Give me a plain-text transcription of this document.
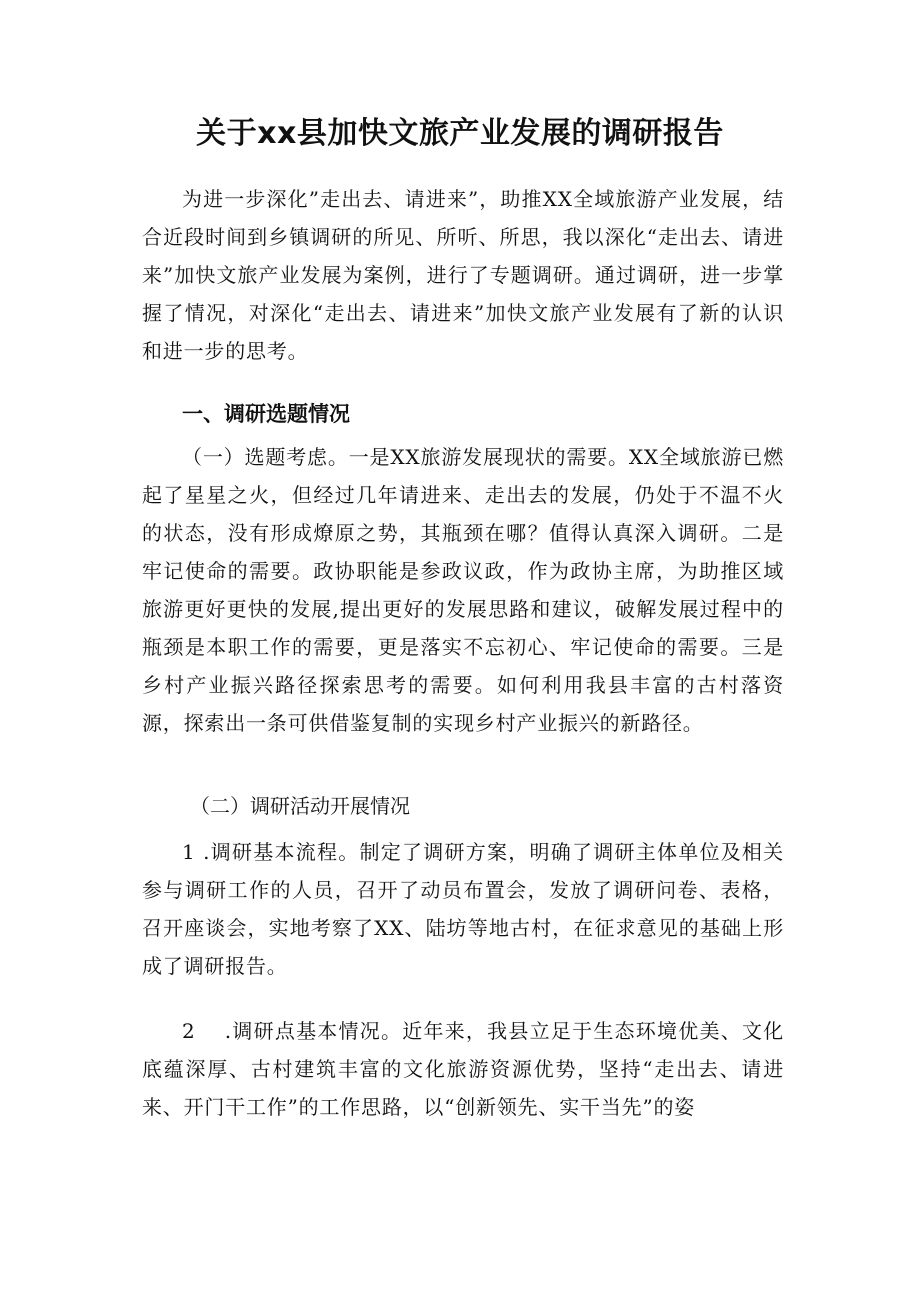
关于xx县加快文旅产业发展的调研报告
为进一步深化”走出去、请进来”，助推XX全域旅游产业发展，结合近段时间到乡镇调研的所见、所听、所思，我以深化“走出去、请进来”加快文旅产业发展为案例，进行了专题调研。通过调研，进一步掌握了情况，对深化“走出去、请进来”加快文旅产业发展有了新的认识和进一步的思考。
一、调研选题情况
（一）选题考虑。一是XX旅游发展现状的需要。XX全域旅游已燃起了星星之火，但经过几年请进来、走出去的发展，仍处于不温不火的状态，没有形成燎原之势，其瓶颈在哪？值得认真深入调研。二是牢记使命的需要。政协职能是参政议政，作为政协主席，为助推区域旅游更好更快的发展,提出更好的发展思路和建议，破解发展过程中的瓶颈是本职工作的需要，更是落实不忘初心、牢记使命的需要。三是乡村产业振兴路径探索思考的需要。如何利用我县丰富的古村落资源，探索出一条可供借鉴复制的实现乡村产业振兴的新路径。
（二）调研活动开展情况
1 .调研基本流程。制定了调研方案，明确了调研主体单位及相关参与调研工作的人员，召开了动员布置会，发放了调研问卷、表格，召开座谈会，实地考察了XX、陆坊等地古村，在征求意见的基础上形成了调研报告。
2　 .调研点基本情况。近年来，我县立足于生态环境优美、文化底蕴深厚、古村建筑丰富的文化旅游资源优势，坚持“走出去、请进来、开门干工作”的工作思路，以“创新领先、实干当先”的姿
